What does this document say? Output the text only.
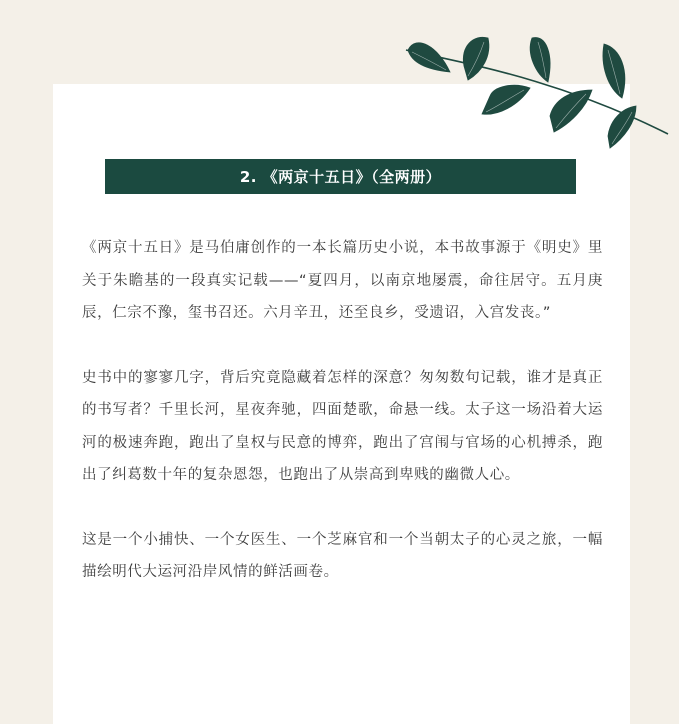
2. 《两京十五日》（全两册）

《两京十五日》是马伯庸创作的一本长篇历史小说，本书故事源于《明史》里关于朱瞻基的一段真实记载——“夏四月，以南京地屡震，命往居守。五月庚辰，仁宗不豫，玺书召还。六月辛丑，还至良乡，受遗诏，入宫发丧。”

史书中的寥寥几字，背后究竟隐藏着怎样的深意？匆匆数句记载，谁才是真正的书写者？千里长河，星夜奔驰，四面楚歌，命悬一线。太子这一场沿着大运河的极速奔跑，跑出了皇权与民意的博弈，跑出了宫闱与官场的心机搏杀，跑出了纠葛数十年的复杂恩怨，也跑出了从崇高到卑贱的幽微人心。

这是一个小捕快、一个女医生、一个芝麻官和一个当朝太子的心灵之旅，一幅描绘明代大运河沿岸风情的鲜活画卷。
